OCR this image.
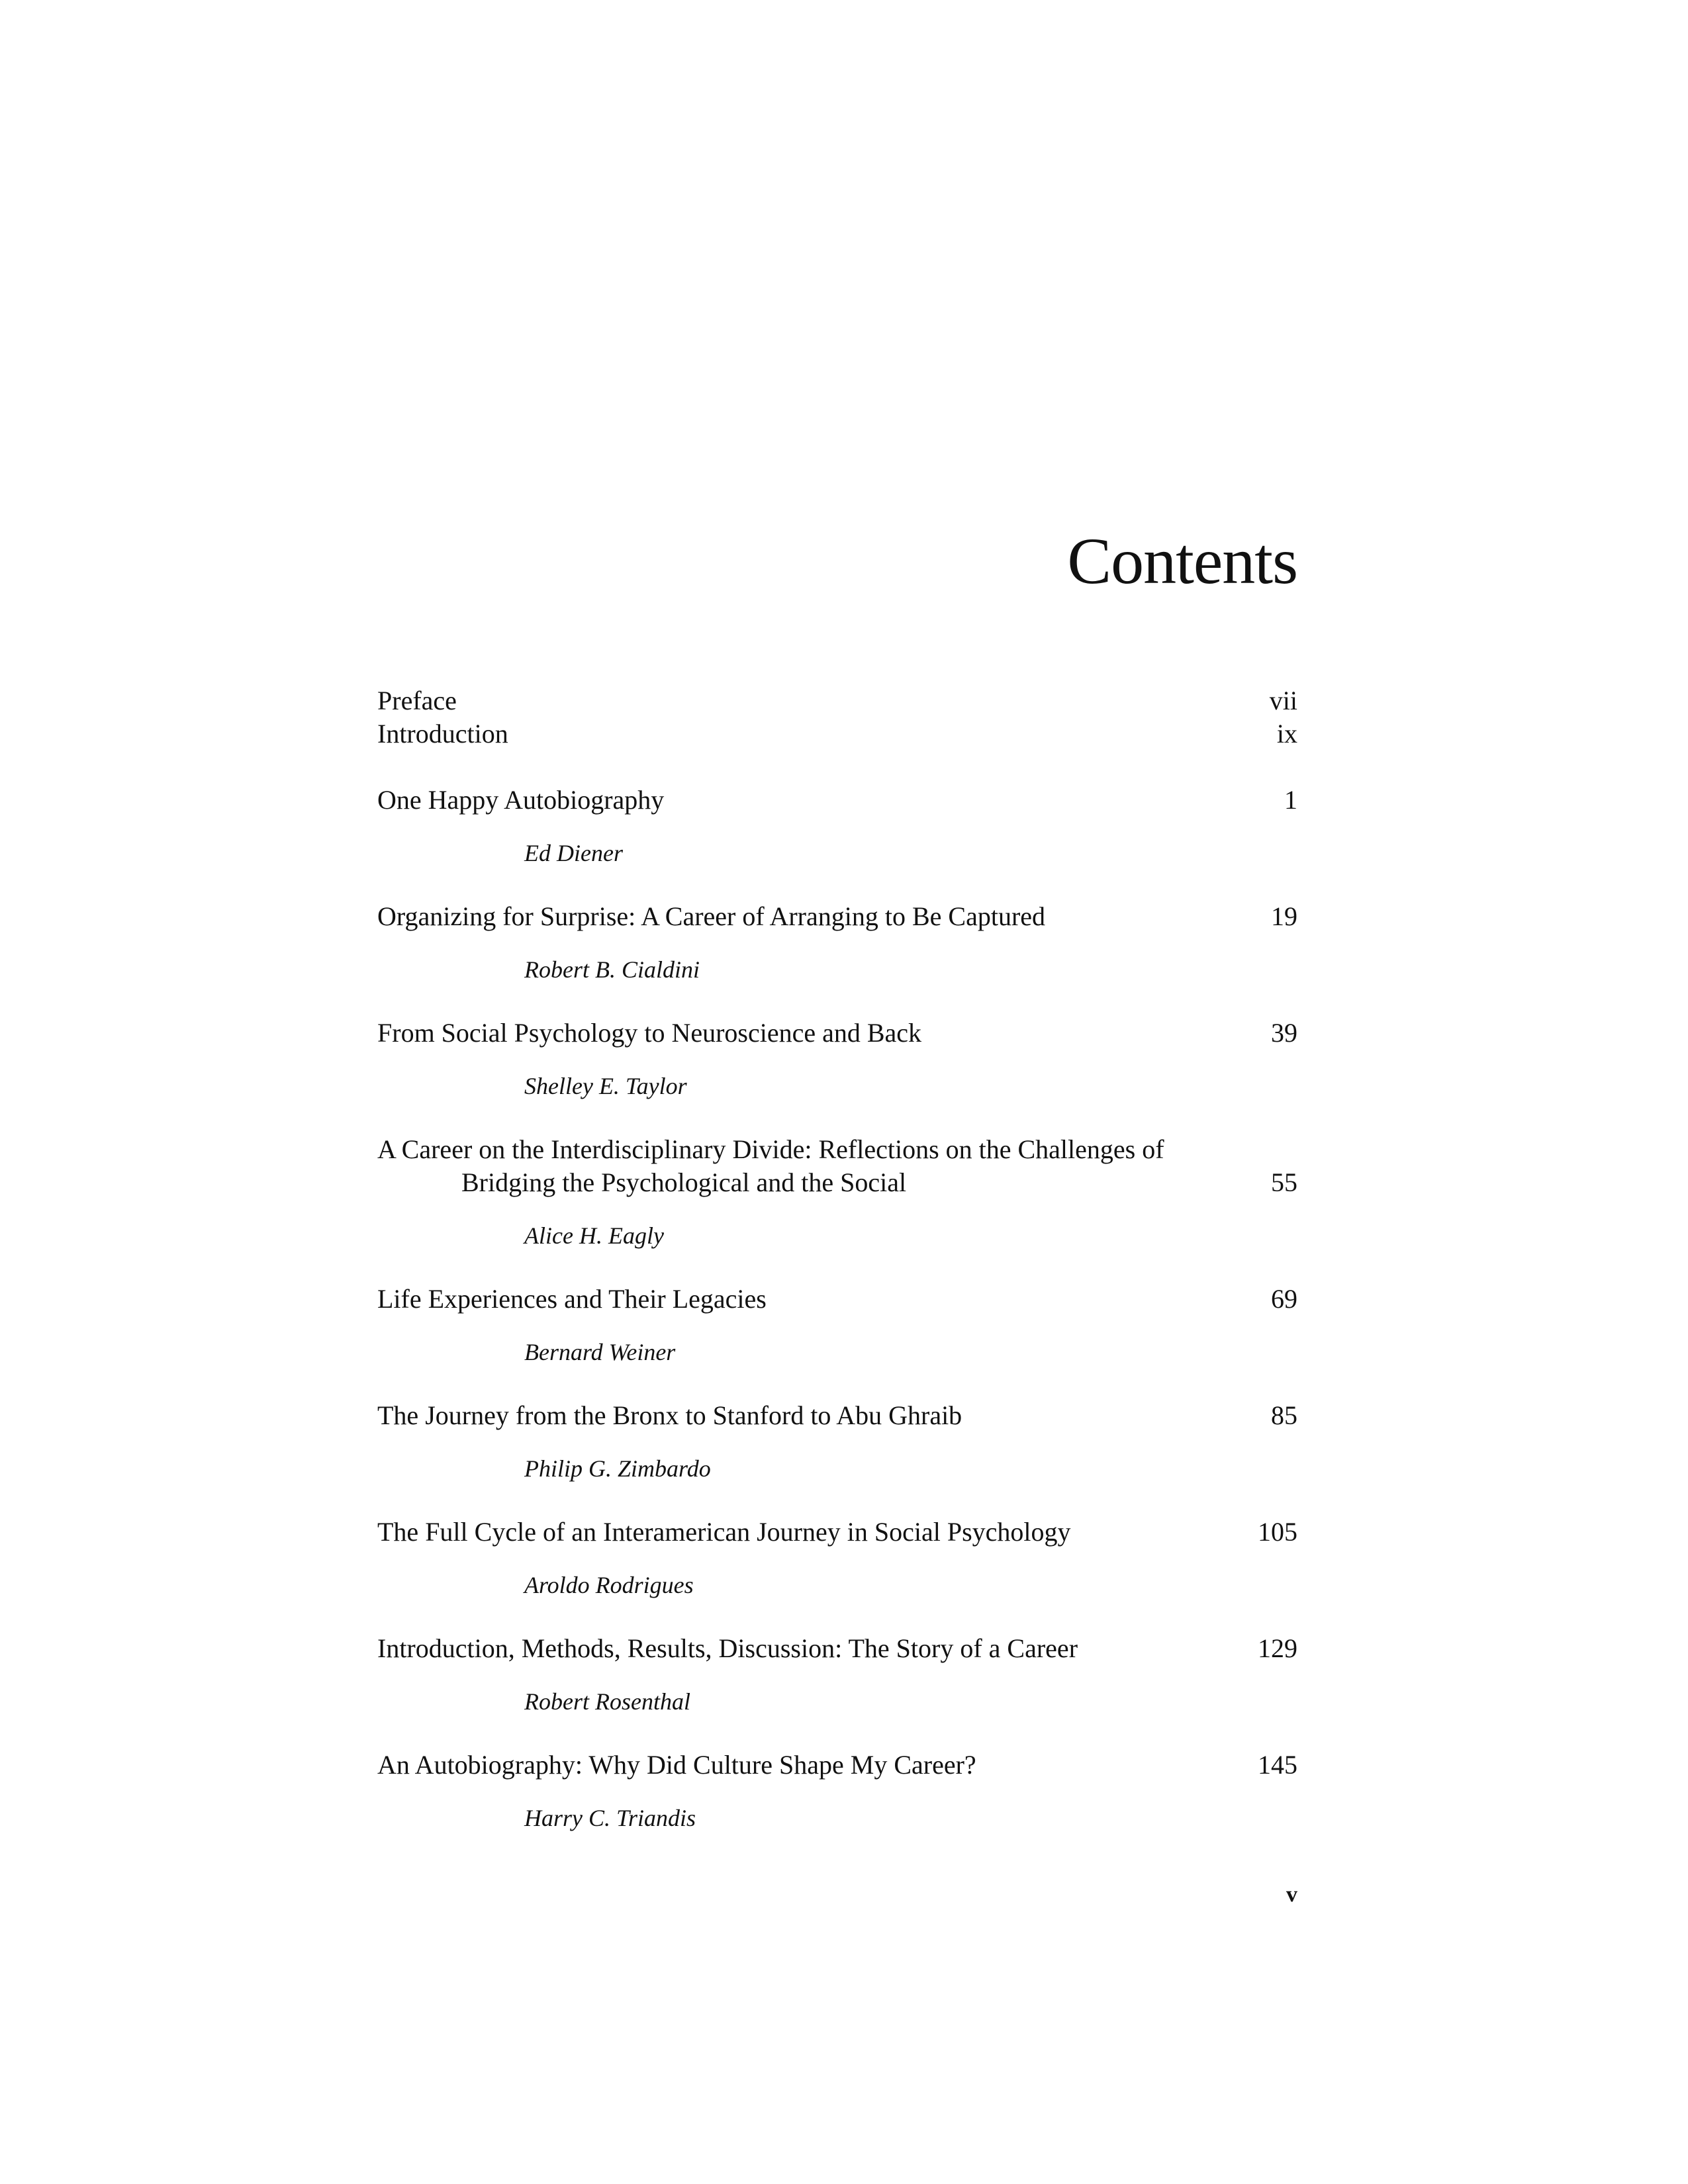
Contents
Preface	vii
Introduction	ix
One Happy Autobiography	1
Ed Diener
Organizing for Surprise: A Career of Arranging to Be Captured	19
Robert B. Cialdini
From Social Psychology to Neuroscience and Back	39
Shelley E. Taylor
A Career on the Interdisciplinary Divide: Reflections on the Challenges of
Bridging the Psychological and the Social	55
Alice H. Eagly
Life Experiences and Their Legacies	69
Bernard Weiner
The Journey from the Bronx to Stanford to Abu Ghraib	85
Philip G. Zimbardo
The Full Cycle of an Interamerican Journey in Social Psychology	105
Aroldo Rodrigues
Introduction, Methods, Results, Discussion: The Story of a Career	129
Robert Rosenthal
An Autobiography: Why Did Culture Shape My Career?	145
Harry C. Triandis
v
